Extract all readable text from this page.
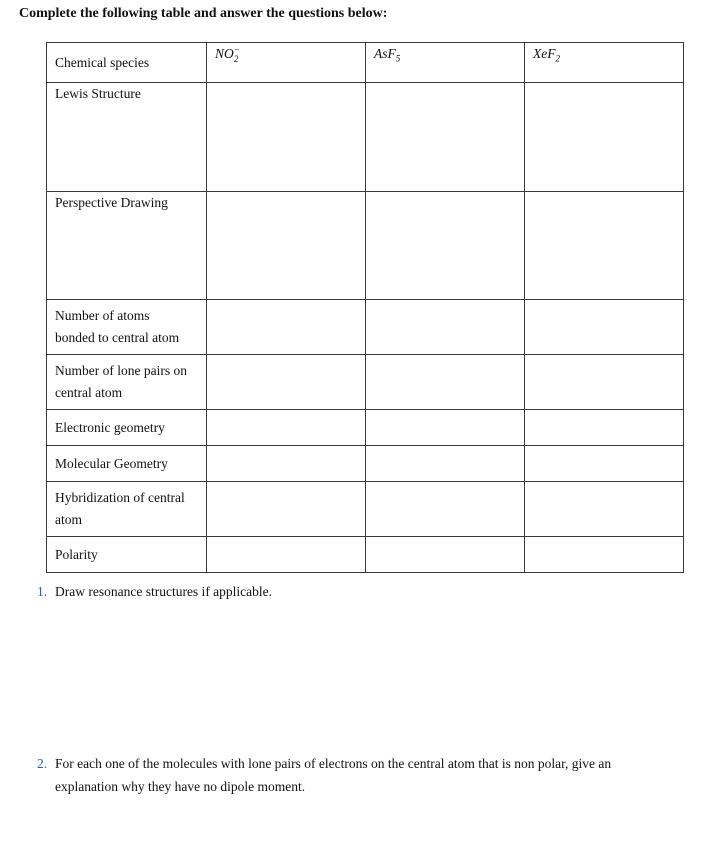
Complete the following table and answer the questions below:
Chemical species	$NO^-_2$	AsF$_5$	XeF$_2$
Lewis Structure			
Perspective Drawing			

Number of atoms
bonded to central atom			

Number of lone pairs on
central atom			

Electronic geometry			
Molecular Geometry			

Hybridization of central
atom			

Polarity			
1. Draw resonance structures if applicable.
2. For each one of the molecules with lone pairs of electrons on the central atom that is non polar, give an
explanation why they have no dipole moment.
